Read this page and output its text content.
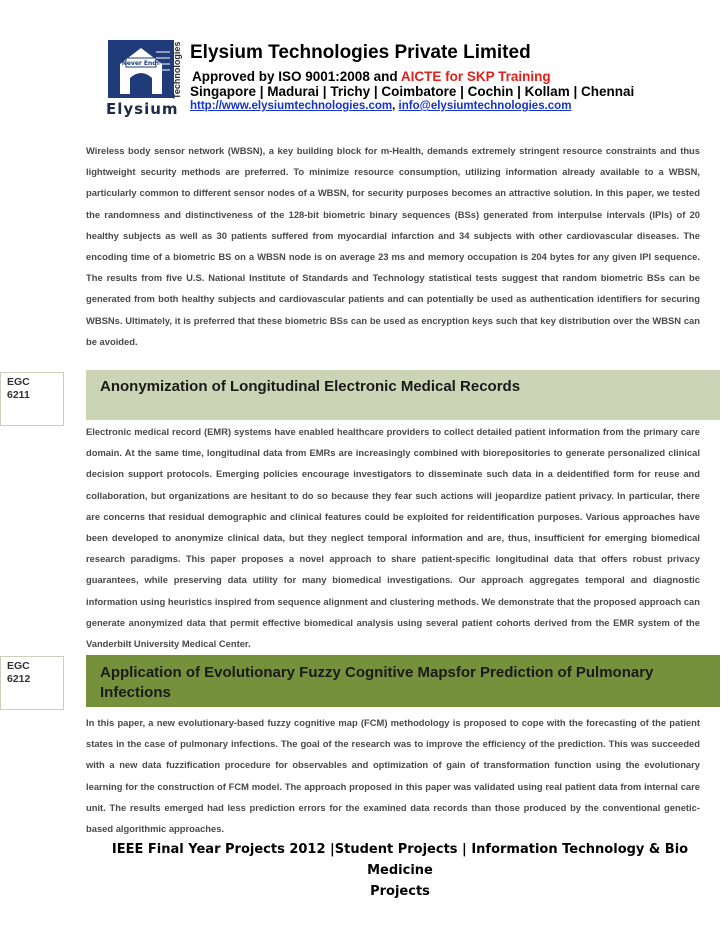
Never Ends Technologies
Elysium
Elysium Technologies Private Limited
Approved by ISO 9001:2008 and AICTE for SKP Training
Singapore | Madurai | Trichy | Coimbatore | Cochin | Kollam | Chennai
http://www.elysiumtechnologies.com, info@elysiumtechnologies.com

Wireless body sensor network (WBSN), a key building block for m-Health, demands extremely stringent resource constraints and thus lightweight security methods are preferred. To minimize resource consumption, utilizing information already available to a WBSN, particularly common to different sensor nodes of a WBSN, for security purposes becomes an attractive solution. In this paper, we tested the randomness and distinctiveness of the 128-bit biometric binary sequences (BSs) generated from interpulse intervals (IPIs) of 20 healthy subjects as well as 30 patients suffered from myocardial infarction and 34 subjects with other cardiovascular diseases. The encoding time of a biometric BS on a WBSN node is on average 23 ms and memory occupation is 204 bytes for any given IPI sequence. The results from five U.S. National Institute of Standards and Technology statistical tests suggest that random biometric BSs can be generated from both healthy subjects and cardiovascular patients and can potentially be used as authentication identifiers for securing WBSNs. Ultimately, it is preferred that these biometric BSs can be used as encryption keys such that key distribution over the WBSN can be avoided.

EGC
6211	Anonymization of Longitudinal Electronic Medical Records

Electronic medical record (EMR) systems have enabled healthcare providers to collect detailed patient information from the primary care domain. At the same time, longitudinal data from EMRs are increasingly combined with biorepositories to generate personalized clinical decision support protocols. Emerging policies encourage investigators to disseminate such data in a deidentified form for reuse and collaboration, but organizations are hesitant to do so because they fear such actions will jeopardize patient privacy. In particular, there are concerns that residual demographic and clinical features could be exploited for reidentification purposes. Various approaches have been developed to anonymize clinical data, but they neglect temporal information and are, thus, insufficient for emerging biomedical research paradigms. This paper proposes a novel approach to share patient-specific longitudinal data that offers robust privacy guarantees, while preserving data utility for many biomedical investigations. Our approach aggregates temporal and diagnostic information using heuristics inspired from sequence alignment and clustering methods. We demonstrate that the proposed approach can generate anonymized data that permit effective biomedical analysis using several patient cohorts derived from the EMR system of the Vanderbilt University Medical Center.

EGC
6212	Application of Evolutionary Fuzzy Cognitive Mapsfor Prediction of Pulmonary
Infections

In this paper, a new evolutionary-based fuzzy cognitive map (FCM) methodology is proposed to cope with the forecasting of the patient states in the case of pulmonary infections. The goal of the research was to improve the efficiency of the prediction. This was succeeded with a new data fuzzification procedure for observables and optimization of gain of transformation function using the evolutionary learning for the construction of FCM model. The approach proposed in this paper was validated using real patient data from internal care unit. The results emerged had less prediction errors for the examined data records than those produced by the conventional genetic-based algorithmic approaches.

IEEE Final Year Projects 2012 |Student Projects | Information Technology & Bio Medicine
Projects
